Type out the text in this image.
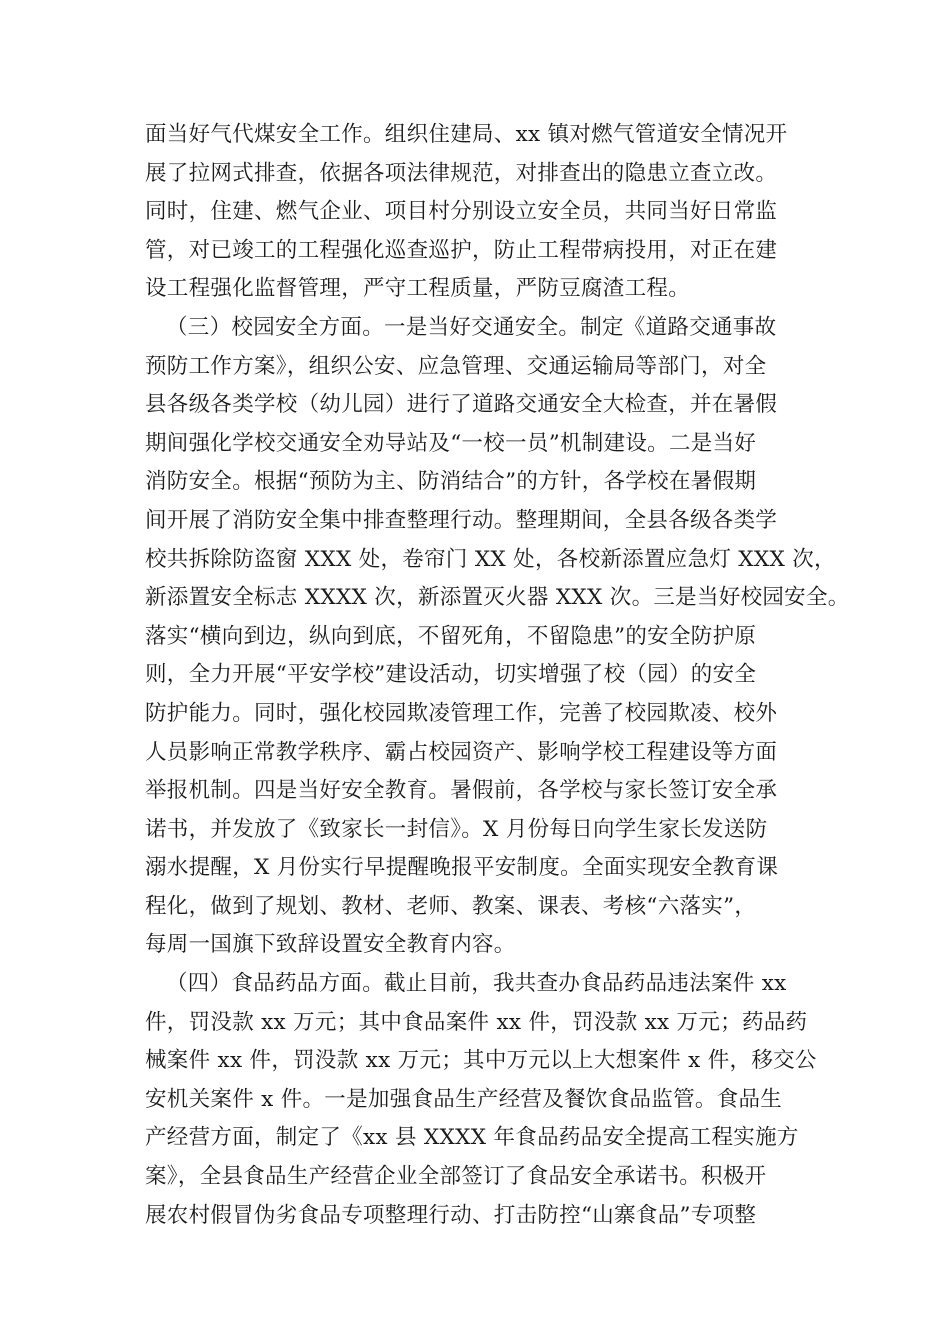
面当好气代煤安全工作。组织住建局、xx 镇对燃气管道安全情况开
展了拉网式排查，依据各项法律规范，对排查出的隐患立查立改。
同时，住建、燃气企业、项目村分别设立安全员，共同当好日常监
管，对已竣工的工程强化巡查巡护，防止工程带病投用，对正在建
设工程强化监督管理，严守工程质量，严防豆腐渣工程。
（三）校园安全方面。一是当好交通安全。制定《道路交通事故
预防工作方案》，组织公安、应急管理、交通运输局等部门，对全
县各级各类学校（幼儿园）进行了道路交通安全大检查，并在暑假
期间强化学校交通安全劝导站及“一校一员”机制建设。二是当好
消防安全。根据“预防为主、防消结合”的方针，各学校在暑假期
间开展了消防安全集中排查整理行动。整理期间，全县各级各类学
校共拆除防盗窗 XXX 处，卷帘门 XX 处，各校新添置应急灯 XXX 次，
新添置安全标志 XXXX 次，新添置灭火器 XXX 次。三是当好校园安全。
落实“横向到边，纵向到底，不留死角，不留隐患”的安全防护原
则，全力开展“平安学校”建设活动，切实增强了校（园）的安全
防护能力。同时，强化校园欺凌管理工作，完善了校园欺凌、校外
人员影响正常教学秩序、霸占校园资产、影响学校工程建设等方面
举报机制。四是当好安全教育。暑假前，各学校与家长签订安全承
诺书，并发放了《致家长一封信》。X 月份每日向学生家长发送防
溺水提醒，X 月份实行早提醒晚报平安制度。全面实现安全教育课
程化，做到了规划、教材、老师、教案、课表、考核“六落实”，
每周一国旗下致辞设置安全教育内容。
（四）食品药品方面。截止目前，我共查办食品药品违法案件 xx
件，罚没款 xx 万元；其中食品案件 xx 件，罚没款 xx 万元；药品药
械案件 xx 件，罚没款 xx 万元；其中万元以上大想案件 x 件，移交公
安机关案件 x 件。一是加强食品生产经营及餐饮食品监管。食品生
产经营方面，制定了《xx 县 XXXX 年食品药品安全提高工程实施方
案》，全县食品生产经营企业全部签订了食品安全承诺书。积极开
展农村假冒伪劣食品专项整理行动、打击防控“山寨食品”专项整
